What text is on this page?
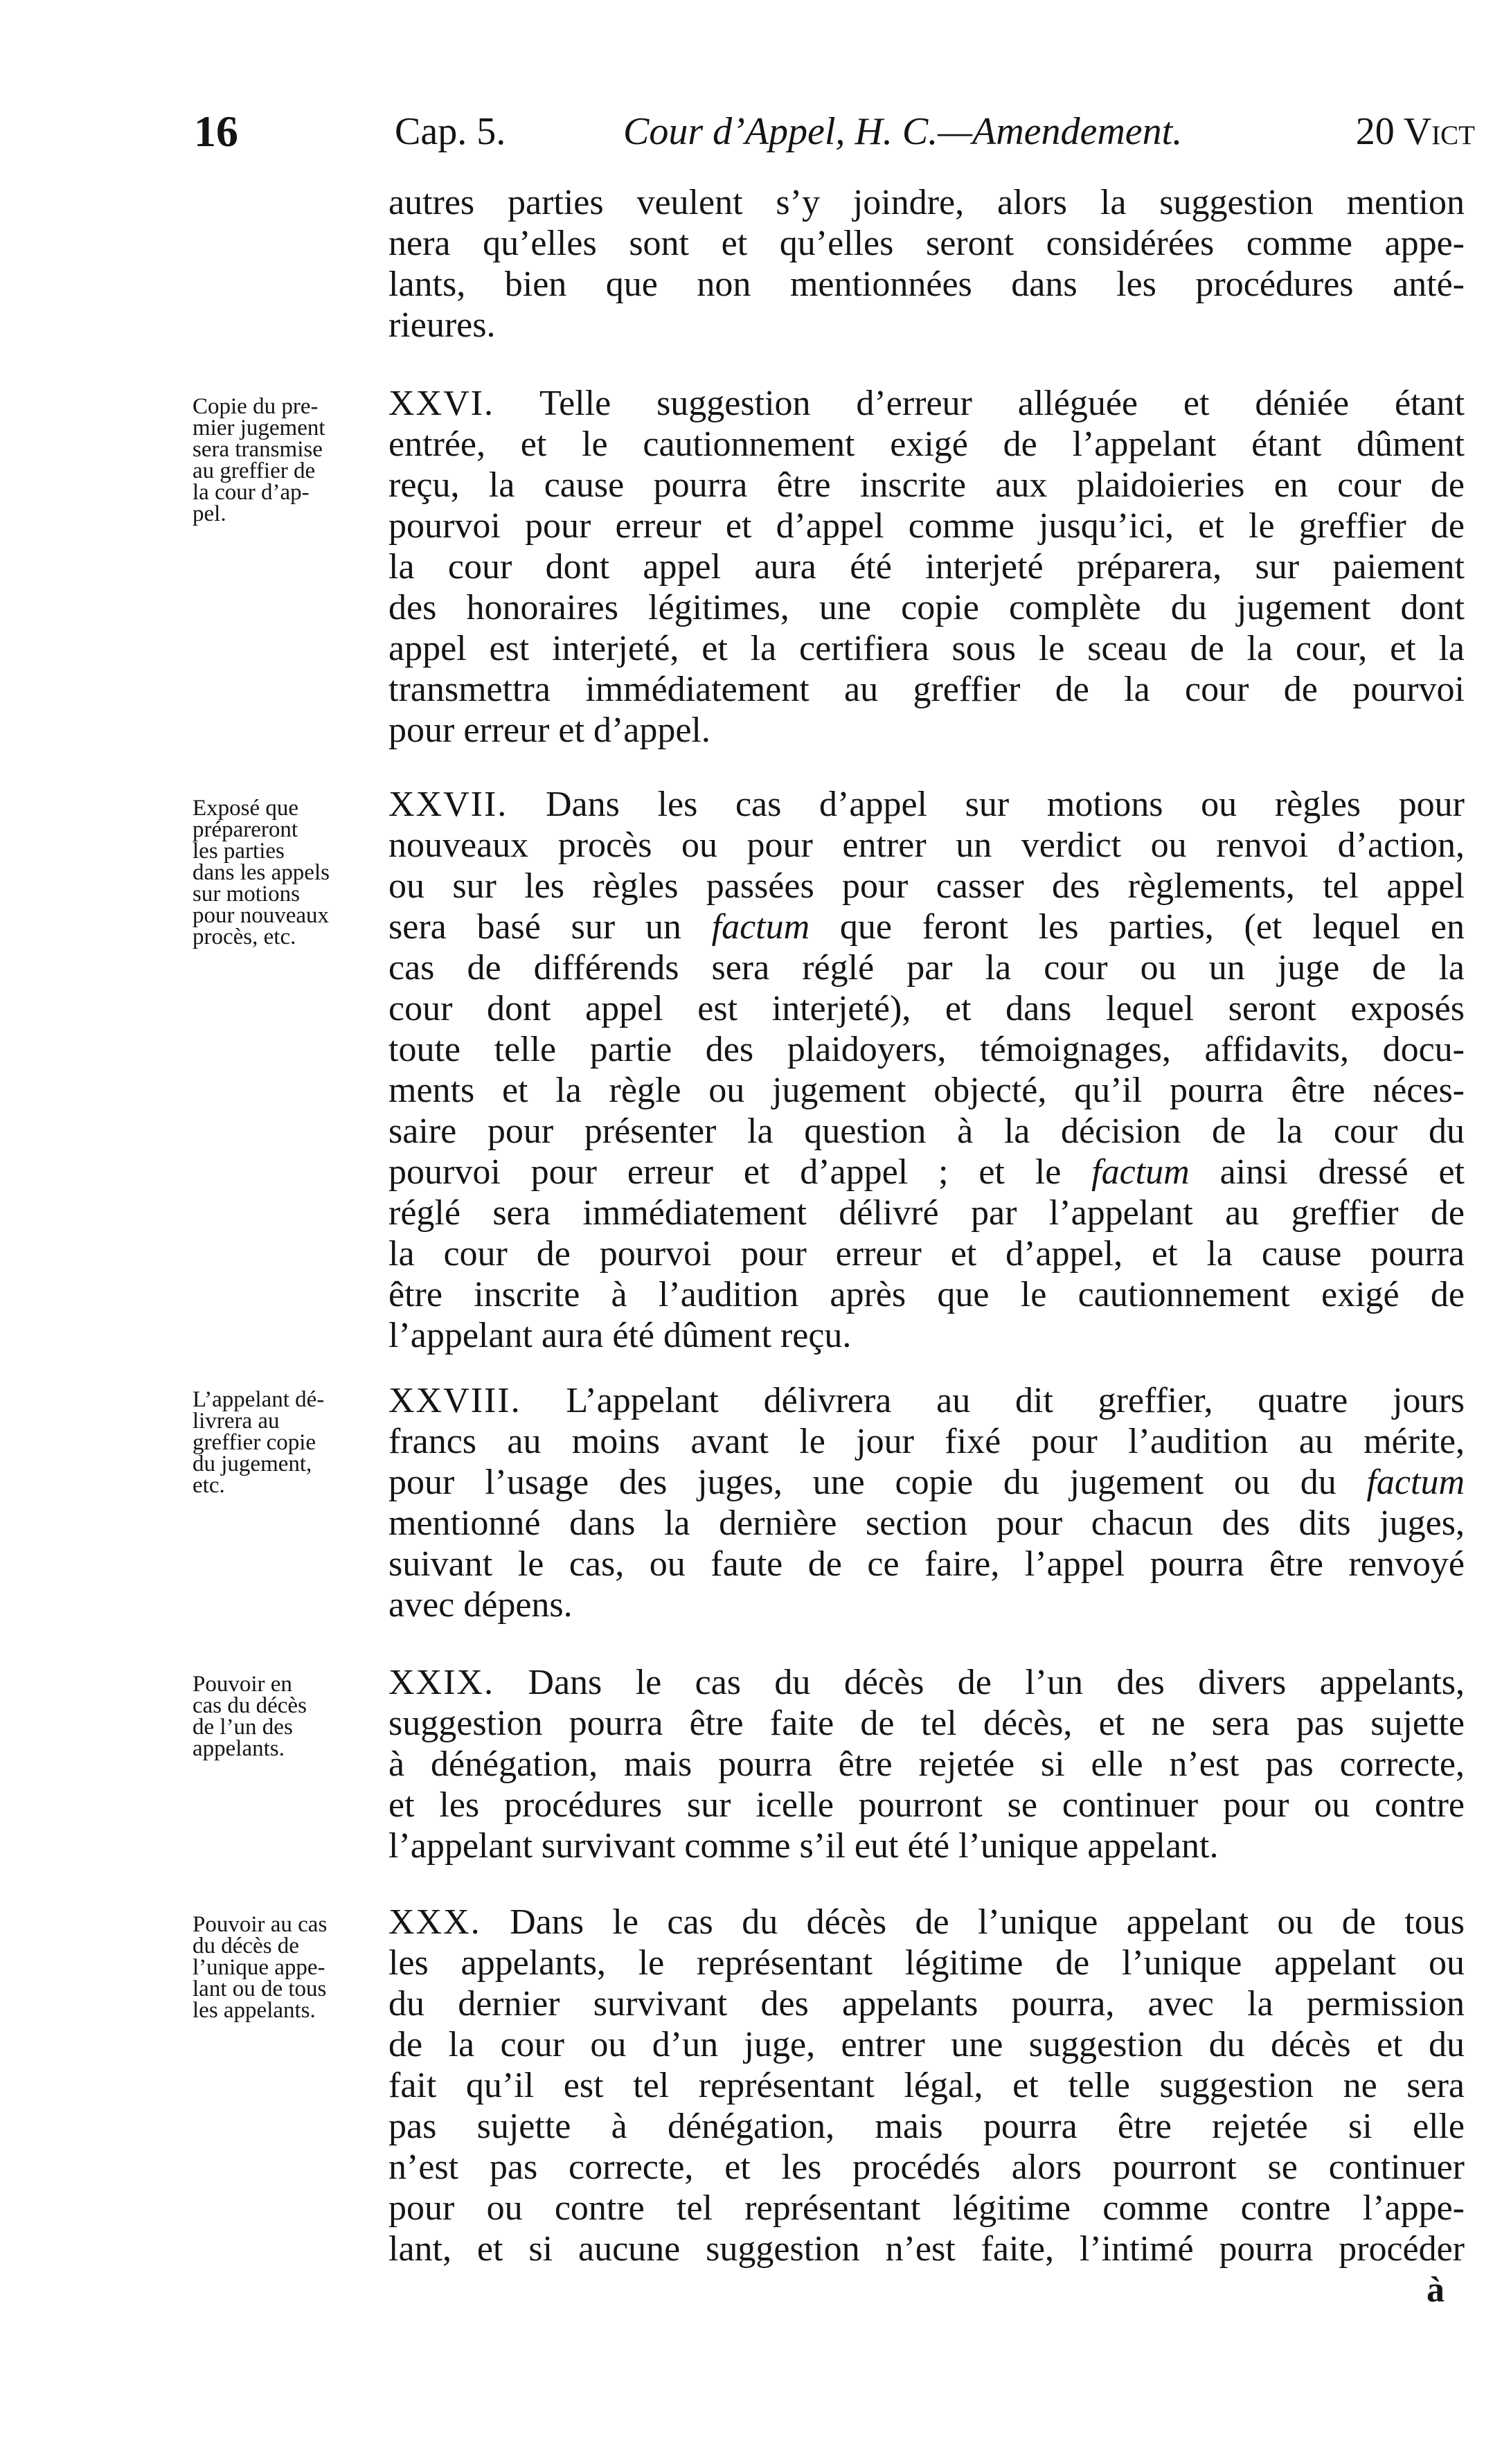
16	Cap. 5.	Cour d’Appel, H. C.—Amendement.	20 Vict
autres parties veulent s’y joindre, alors la suggestion mention
nera qu’elles sont et qu’elles seront considérées comme appe-
lants, bien que non mentionnées dans les procédures anté-
rieures.
Copie du pre-
mier jugement
sera transmise
au greffier de
la cour d’ap-
pel.
XXVI. Telle suggestion d’erreur alléguée et déniée étant
entrée, et le cautionnement exigé de l’appelant étant dûment
reçu, la cause pourra être inscrite aux plaidoieries en cour de
pourvoi pour erreur et d’appel comme jusqu’ici, et le greffier de
la cour dont appel aura été interjeté préparera, sur paiement
des honoraires légitimes, une copie complète du jugement dont
appel est interjeté, et la certifiera sous le sceau de la cour, et la
transmettra immédiatement au greffier de la cour de pourvoi
pour erreur et d’appel.
Exposé que
prépareront
les parties
dans les appels
sur motions
pour nouveaux
procès, etc.
XXVII. Dans les cas d’appel sur motions ou règles pour
nouveaux procès ou pour entrer un verdict ou renvoi d’action,
ou sur les règles passées pour casser des règlements, tel appel
sera basé sur un factum que feront les parties, (et lequel en
cas de différends sera réglé par la cour ou un juge de la
cour dont appel est interjeté), et dans lequel seront exposés
toute telle partie des plaidoyers, témoignages, affidavits, docu-
ments et la règle ou jugement objecté, qu’il pourra être néces-
saire pour présenter la question à la décision de la cour du
pourvoi pour erreur et d’appel ; et le factum ainsi dressé et
réglé sera immédiatement délivré par l’appelant au greffier de
la cour de pourvoi pour erreur et d’appel, et la cause pourra
être inscrite à l’audition après que le cautionnement exigé de
l’appelant aura été dûment reçu.
L’appelant dé-
livrera au
greffier copie
du jugement,
etc.
XXVIII. L’appelant délivrera au dit greffier, quatre jours
francs au moins avant le jour fixé pour l’audition au mérite,
pour l’usage des juges, une copie du jugement ou du factum
mentionné dans la dernière section pour chacun des dits juges,
suivant le cas, ou faute de ce faire, l’appel pourra être renvoyé
avec dépens.
Pouvoir en
cas du décès
de l’un des
appelants.
XXIX. Dans le cas du décès de l’un des divers appelants,
suggestion pourra être faite de tel décès, et ne sera pas sujette
à dénégation, mais pourra être rejetée si elle n’est pas correcte,
et les procédures sur icelle pourront se continuer pour ou contre
l’appelant survivant comme s’il eut été l’unique appelant.
Pouvoir au cas
du décès de
l’unique appe-
lant ou de tous
les appelants.
XXX. Dans le cas du décès de l’unique appelant ou de tous
les appelants, le représentant légitime de l’unique appelant ou
du dernier survivant des appelants pourra, avec la permission
de la cour ou d’un juge, entrer une suggestion du décès et du
fait qu’il est tel représentant légal, et telle suggestion ne sera
pas sujette à dénégation, mais pourra être rejetée si elle
n’est pas correcte, et les procédés alors pourront se continuer
pour ou contre tel représentant légitime comme contre l’appe-
lant, et si aucune suggestion n’est faite, l’intimé pourra procéder
à
